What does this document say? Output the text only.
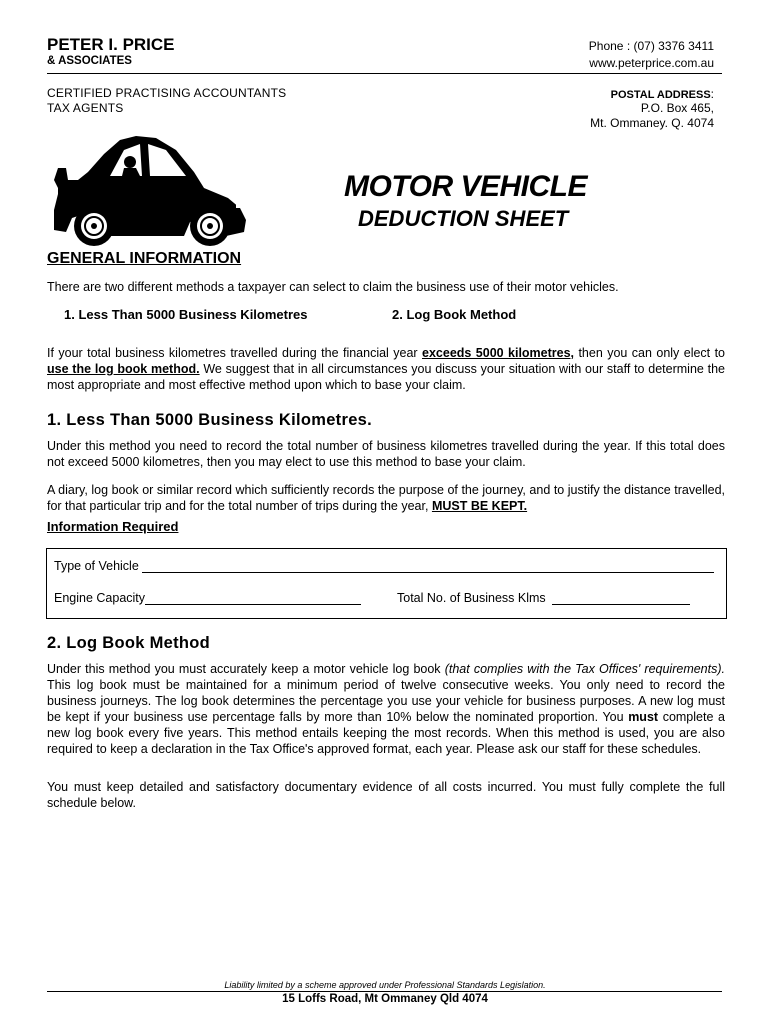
PETER I. PRICE
& ASSOCIATES
Phone : (07) 3376 3411
www.peterprice.com.au
CERTIFIED PRACTISING ACCOUNTANTS
TAX AGENTS
POSTAL ADDRESS:
P.O. Box 465,
Mt. Ommaney. Q. 4074
MOTOR VEHICLE
DEDUCTION SHEET
GENERAL INFORMATION
There are two different methods a taxpayer can select to claim the business use of their motor vehicles.
1. Less Than 5000 Business Kilometres	2. Log Book Method
If your total business kilometres travelled during the financial year exceeds 5000 kilometres, then you can only elect to use the log book method. We suggest that in all circumstances you discuss your situation with our staff to determine the most appropriate and most effective method upon which to base your claim.
1. Less Than 5000 Business Kilometres.
Under this method you need to record the total number of business kilometres travelled during the year. If this total does not exceed 5000 kilometres, then you may elect to use this method to base your claim.
A diary, log book or similar record which sufficiently records the purpose of the journey, and to justify the distance travelled, for that particular trip and for the total number of trips during the year, MUST BE KEPT.
Information Required
Type of Vehicle
Engine Capacity	Total No. of Business Klms
2. Log Book Method
Under this method you must accurately keep a motor vehicle log book (that complies with the Tax Offices' requirements). This log book must be maintained for a minimum period of twelve consecutive weeks. You only need to record the business journeys. The log book determines the percentage you use your vehicle for business purposes. A new log must be kept if your business use percentage falls by more than 10% below the nominated proportion. You must complete a new log book every five years. This method entails keeping the most records. When this method is used, you are also required to keep a declaration in the Tax Office's approved format, each year. Please ask our staff for these schedules.
You must keep detailed and satisfactory documentary evidence of all costs incurred. You must fully complete the full schedule below.
Liability limited by a scheme approved under Professional Standards Legislation.
15 Loffs Road, Mt Ommaney Qld 4074
